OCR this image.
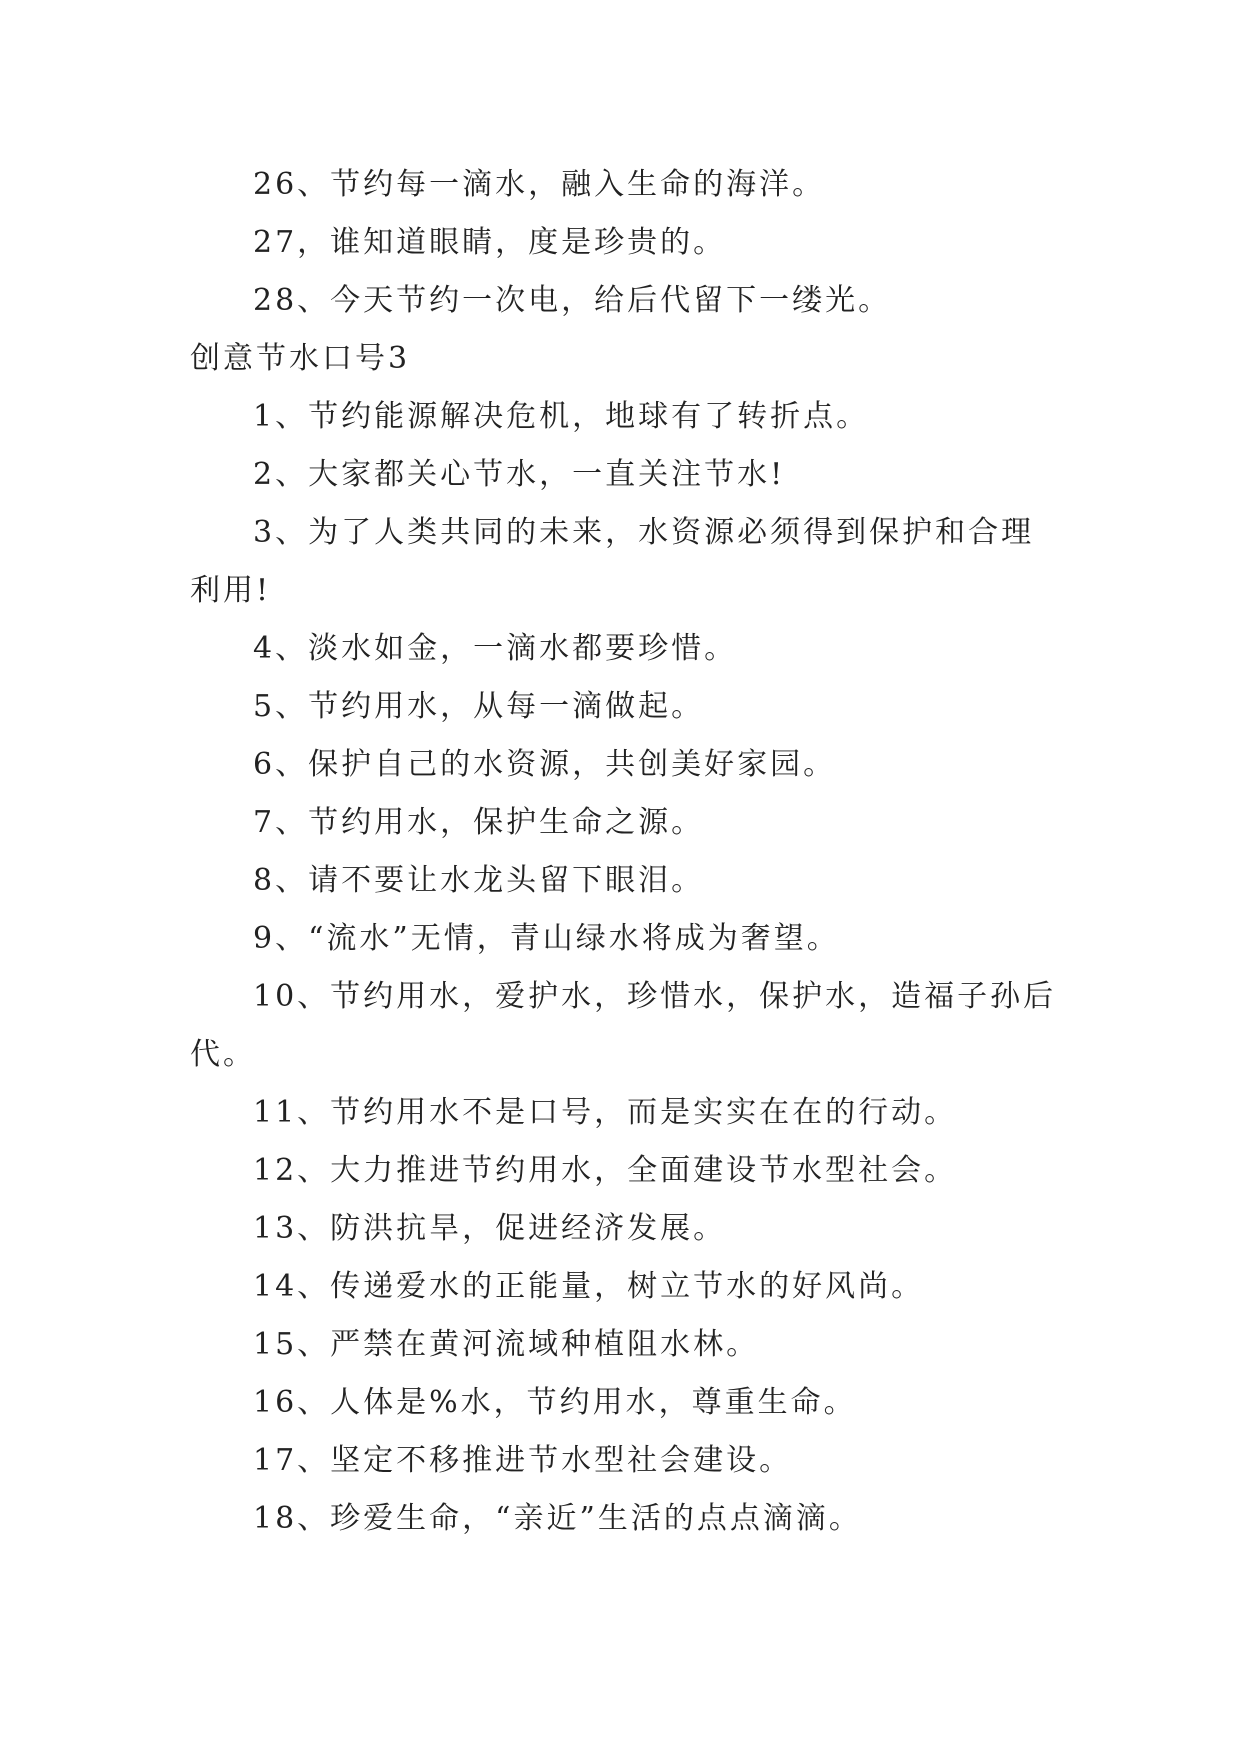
26、节约每一滴水，融入生命的海洋。
27，谁知道眼睛，度是珍贵的。
28、今天节约一次电，给后代留下一缕光。
创意节水口号3
1、节约能源解决危机，地球有了转折点。
2、大家都关心节水，一直关注节水!
3、为了人类共同的未来，水资源必须得到保护和合理
利用!
4、淡水如金，一滴水都要珍惜。
5、节约用水，从每一滴做起。
6、保护自己的水资源，共创美好家园。
7、节约用水，保护生命之源。
8、请不要让水龙头留下眼泪。
9、“流水”无情，青山绿水将成为奢望。
10、节约用水，爱护水，珍惜水，保护水，造福子孙后
代。
11、节约用水不是口号，而是实实在在的行动。
12、大力推进节约用水，全面建设节水型社会。
13、防洪抗旱，促进经济发展。
14、传递爱水的正能量，树立节水的好风尚。
15、严禁在黄河流域种植阻水林。
16、人体是%水，节约用水，尊重生命。
17、坚定不移推进节水型社会建设。
18、珍爱生命，“亲近”生活的点点滴滴。
